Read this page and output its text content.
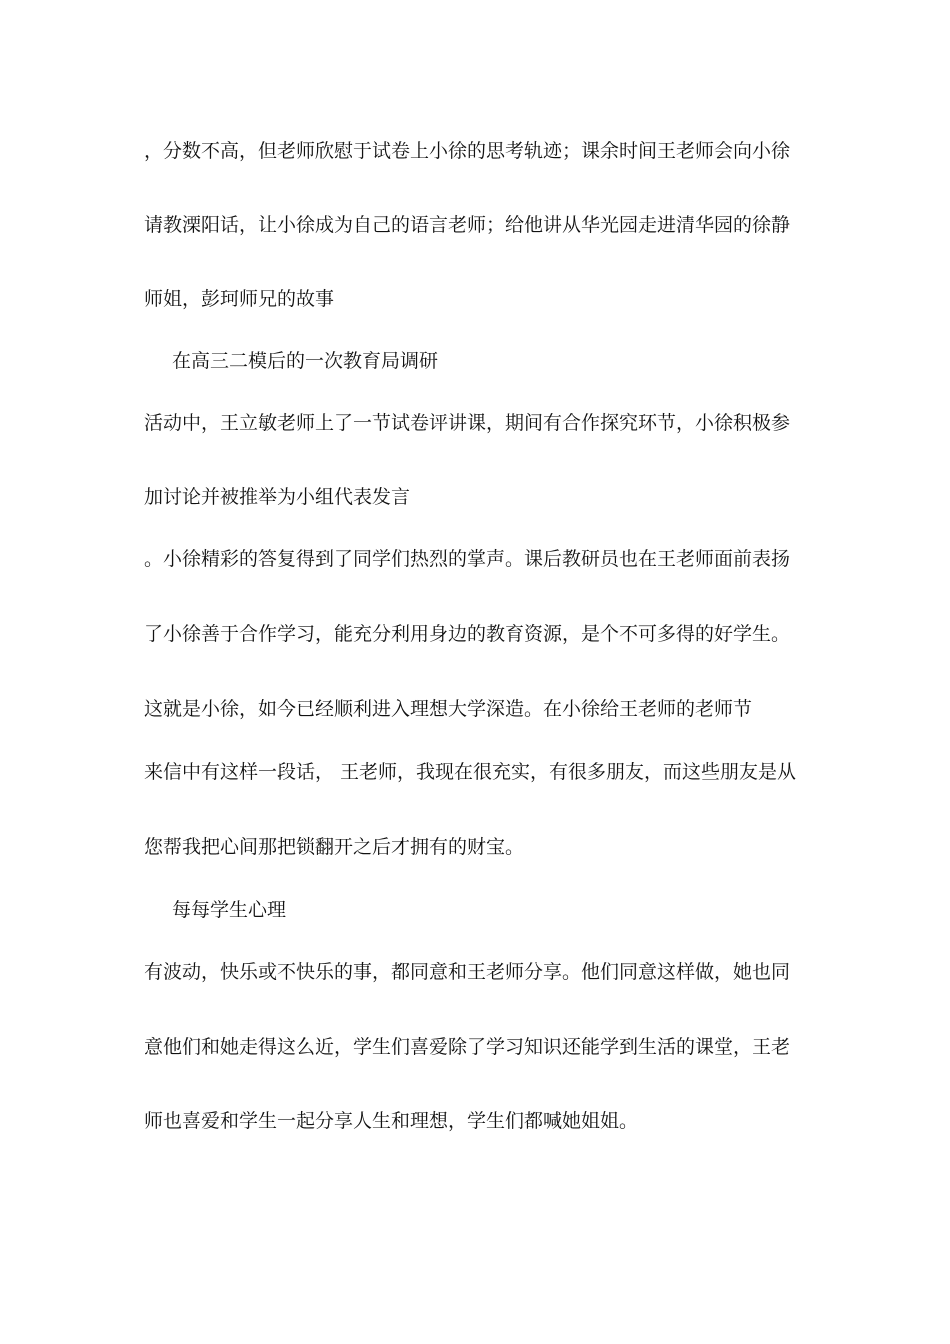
，分数不高，但老师欣慰于试卷上小徐的思考轨迹；课余时间王老师会向小徐
请教溧阳话，让小徐成为自己的语言老师；给他讲从华光园走进清华园的徐静
师姐，彭珂师兄的故事
在高三二模后的一次教育局调研
活动中，王立敏老师上了一节试卷评讲课，期间有合作探究环节，小徐积极参
加讨论并被推举为小组代表发言
。小徐精彩的答复得到了同学们热烈的掌声。课后教研员也在王老师面前表扬
了小徐善于合作学习，能充分利用身边的教育资源，是个不可多得的好学生。
这就是小徐，如今已经顺利进入理想大学深造。在小徐给王老师的老师节
来信中有这样一段话， 王老师，我现在很充实，有很多朋友，而这些朋友是从
您帮我把心间那把锁翻开之后才拥有的财宝。
每每学生心理
有波动，快乐或不快乐的事，都同意和王老师分享。他们同意这样做，她也同
意他们和她走得这么近，学生们喜爱除了学习知识还能学到生活的课堂，王老
师也喜爱和学生一起分享人生和理想，学生们都喊她姐姐。
